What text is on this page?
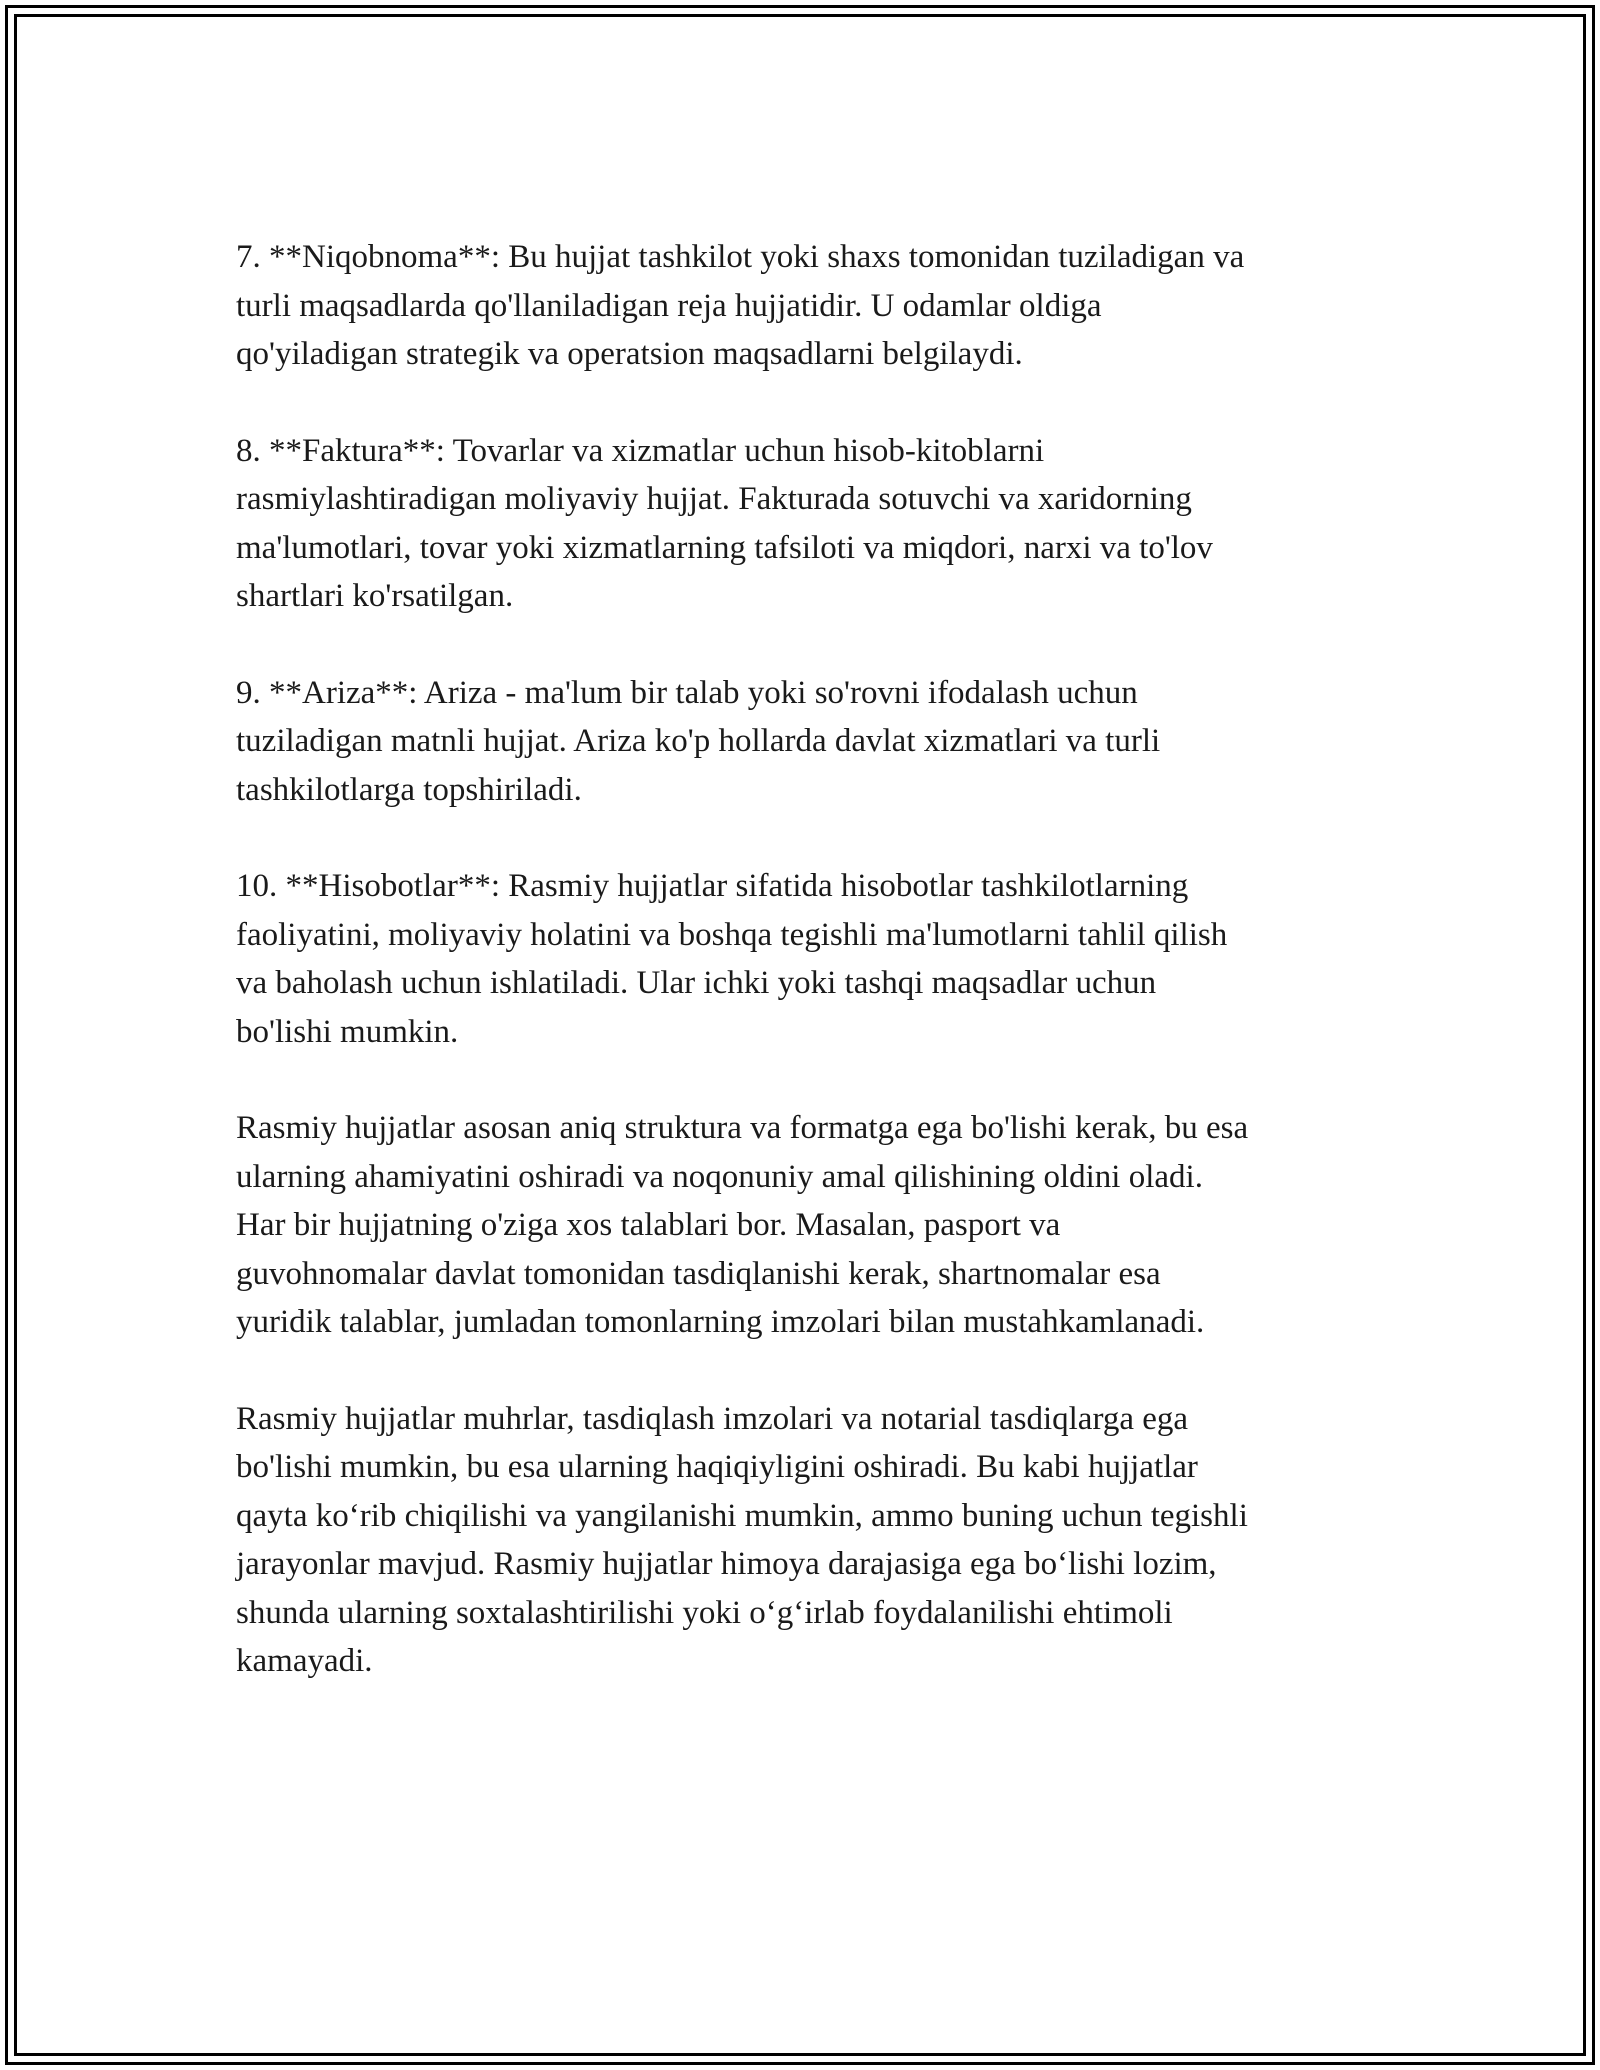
7. **Niqobnoma**: Bu hujjat tashkilot yoki shaxs tomonidan tuziladigan va
turli maqsadlarda qo'llaniladigan reja hujjatidir. U odamlar oldiga
qo'yiladigan strategik va operatsion maqsadlarni belgilaydi.

8. **Faktura**: Tovarlar va xizmatlar uchun hisob-kitoblarni
rasmiylashtiradigan moliyaviy hujjat. Fakturada sotuvchi va xaridorning
ma'lumotlari, tovar yoki xizmatlarning tafsiloti va miqdori, narxi va to'lov
shartlari ko'rsatilgan.

9. **Ariza**: Ariza - ma'lum bir talab yoki so'rovni ifodalash uchun
tuziladigan matnli hujjat. Ariza ko'p hollarda davlat xizmatlari va turli
tashkilotlarga topshiriladi.

10. **Hisobotlar**: Rasmiy hujjatlar sifatida hisobotlar tashkilotlarning
faoliyatini, moliyaviy holatini va boshqa tegishli ma'lumotlarni tahlil qilish
va baholash uchun ishlatiladi. Ular ichki yoki tashqi maqsadlar uchun
bo'lishi mumkin.

Rasmiy hujjatlar asosan aniq struktura va formatga ega bo'lishi kerak, bu esa
ularning ahamiyatini oshiradi va noqonuniy amal qilishining oldini oladi.
Har bir hujjatning o'ziga xos talablari bor. Masalan, pasport va
guvohnomalar davlat tomonidan tasdiqlanishi kerak, shartnomalar esa
yuridik talablar, jumladan tomonlarning imzolari bilan mustahkamlanadi.

Rasmiy hujjatlar muhrlar, tasdiqlash imzolari va notarial tasdiqlarga ega
bo'lishi mumkin, bu esa ularning haqiqiyligini oshiradi. Bu kabi hujjatlar
qayta ko‘rib chiqilishi va yangilanishi mumkin, ammo buning uchun tegishli
jarayonlar mavjud. Rasmiy hujjatlar himoya darajasiga ega bo‘lishi lozim,
shunda ularning soxtalashtirilishi yoki o‘g‘irlab foydalanilishi ehtimoli
kamayadi.
